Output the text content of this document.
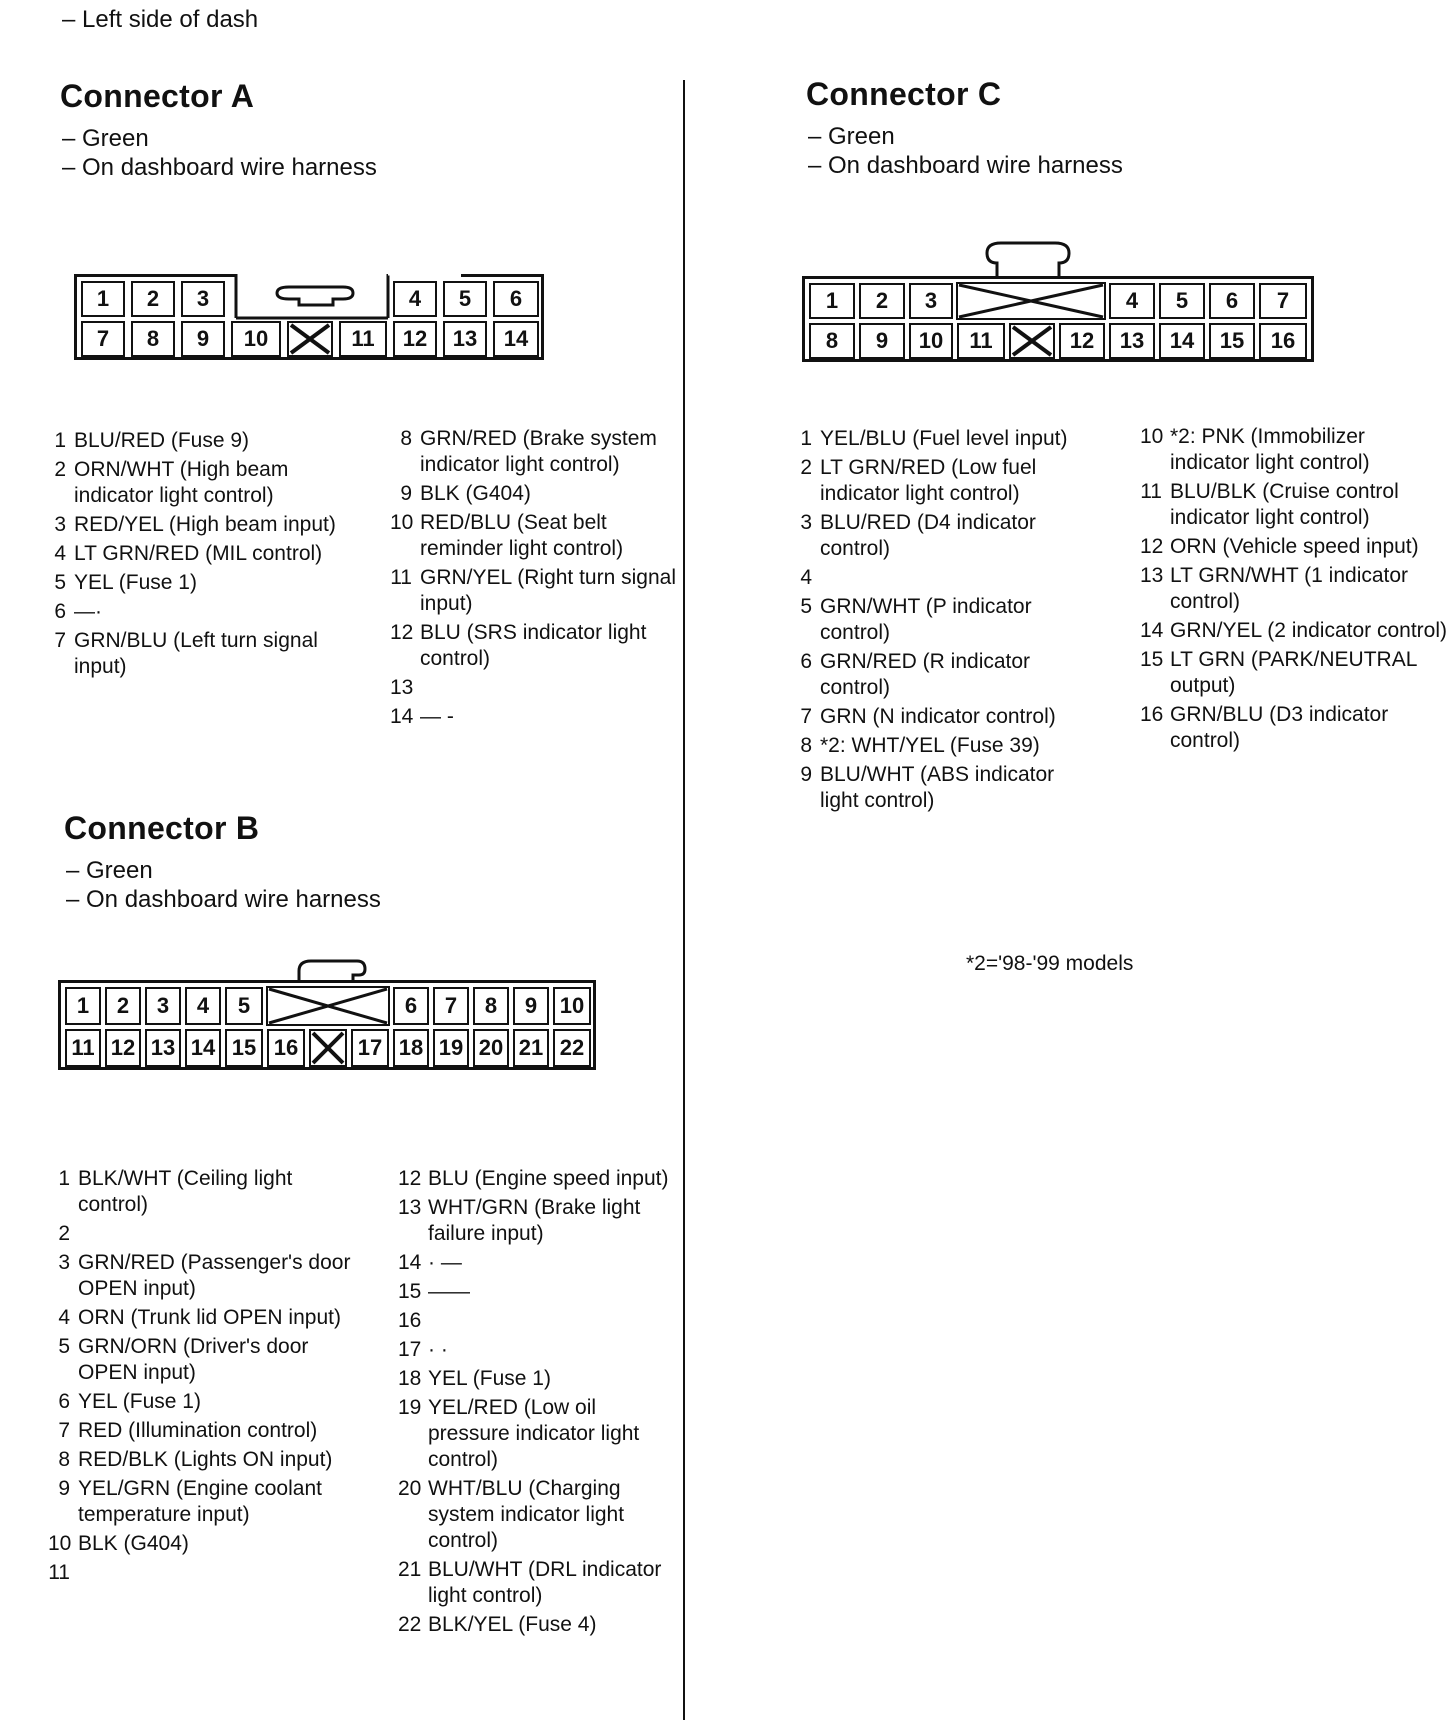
– Left side of dash
Connector A
– Green
– On dashboard wire harness
1	2	3	4	5	6
7	8	9	10	11	12	13	14
1 BLU/RED (Fuse 9)
2 ORN/WHT (High beam indicator light control)
3 RED/YEL (High beam input)
4 LT GRN/RED (MIL control)
5 YEL (Fuse 1)
6 —·
7 GRN/BLU (Left turn signal input)
8 GRN/RED (Brake system indicator light control)
9 BLK (G404)
10 RED/BLU (Seat belt reminder light control)
11 GRN/YEL (Right turn signal input)
12 BLU (SRS indicator light control)
13
14 — -
Connector B
– Green
– On dashboard wire harness
1	2	3	4	5	6	7	8	9	10
11 12 13 14 15 16	17 18 19 20 21 22
1 BLK/WHT (Ceiling light control)
2
3 GRN/RED (Passenger's door OPEN input)
4 ORN (Trunk lid OPEN input)
5 GRN/ORN (Driver's door OPEN input)
6 YEL (Fuse 1)
7 RED (Illumination control)
8 RED/BLK (Lights ON input)
9 YEL/GRN (Engine coolant temperature input)
10 BLK (G404)
11
12 BLU (Engine speed input)
13 WHT/GRN (Brake light failure input)
14 · —
15 ——
16
17 · ·
18 YEL (Fuse 1)
19 YEL/RED (Low oil pressure indicator light control)
20 WHT/BLU (Charging system indicator light control)
21 BLU/WHT (DRL indicator light control)
22 BLK/YEL (Fuse 4)
Connector C
– Green
– On dashboard wire harness
1	2	3	4	5	6	7
8	9	10	11	12	13	14	15	16
1 YEL/BLU (Fuel level input)
2 LT GRN/RED (Low fuel indicator light control)
3 BLU/RED (D4 indicator control)
4
5 GRN/WHT (P indicator control)
6 GRN/RED (R indicator control)
7 GRN (N indicator control)
8 *2: WHT/YEL (Fuse 39)
9 BLU/WHT (ABS indicator light control)
10 *2: PNK (Immobilizer indicator light control)
11 BLU/BLK (Cruise control indicator light control)
12 ORN (Vehicle speed input)
13 LT GRN/WHT (1 indicator control)
14 GRN/YEL (2 indicator control)
15 LT GRN (PARK/NEUTRAL output)
16 GRN/BLU (D3 indicator control)
*2='98-'99 models
